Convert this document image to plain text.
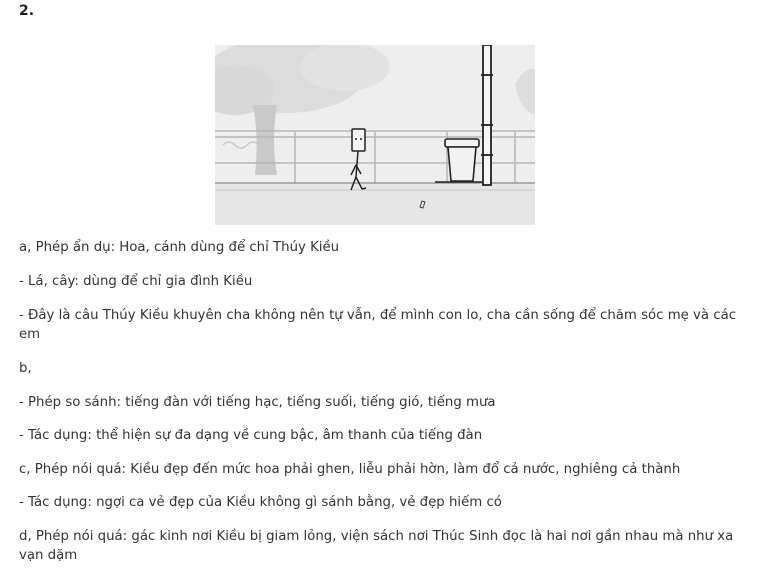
2.

a, Phép ẩn dụ: Hoa, cánh dùng để chỉ Thúy Kiều

- Lá, cây: dùng để chỉ gia đình Kiều

- Đây là câu Thúy Kiều khuyên cha không nên tự vẫn, để mình con lo, cha cần sống để chăm sóc mẹ và các em

b,

- Phép so sánh: tiếng đàn với tiếng hạc, tiếng suối, tiếng gió, tiếng mưa

- Tác dụng: thể hiện sự đa dạng về cung bậc, âm thanh của tiếng đàn

c, Phép nói quá: Kiều đẹp đến mức hoa phải ghen, liễu phải hờn, làm đổ cả nước, nghiêng cả thành

- Tác dụng: ngợi ca vẻ đẹp của Kiều không gì sánh bằng, vẻ đẹp hiếm có

d, Phép nói quá: gác kinh nơi Kiều bị giam lỏng, viện sách nơi Thúc Sinh đọc là hai nơi gần nhau mà như xa vạn dặm
